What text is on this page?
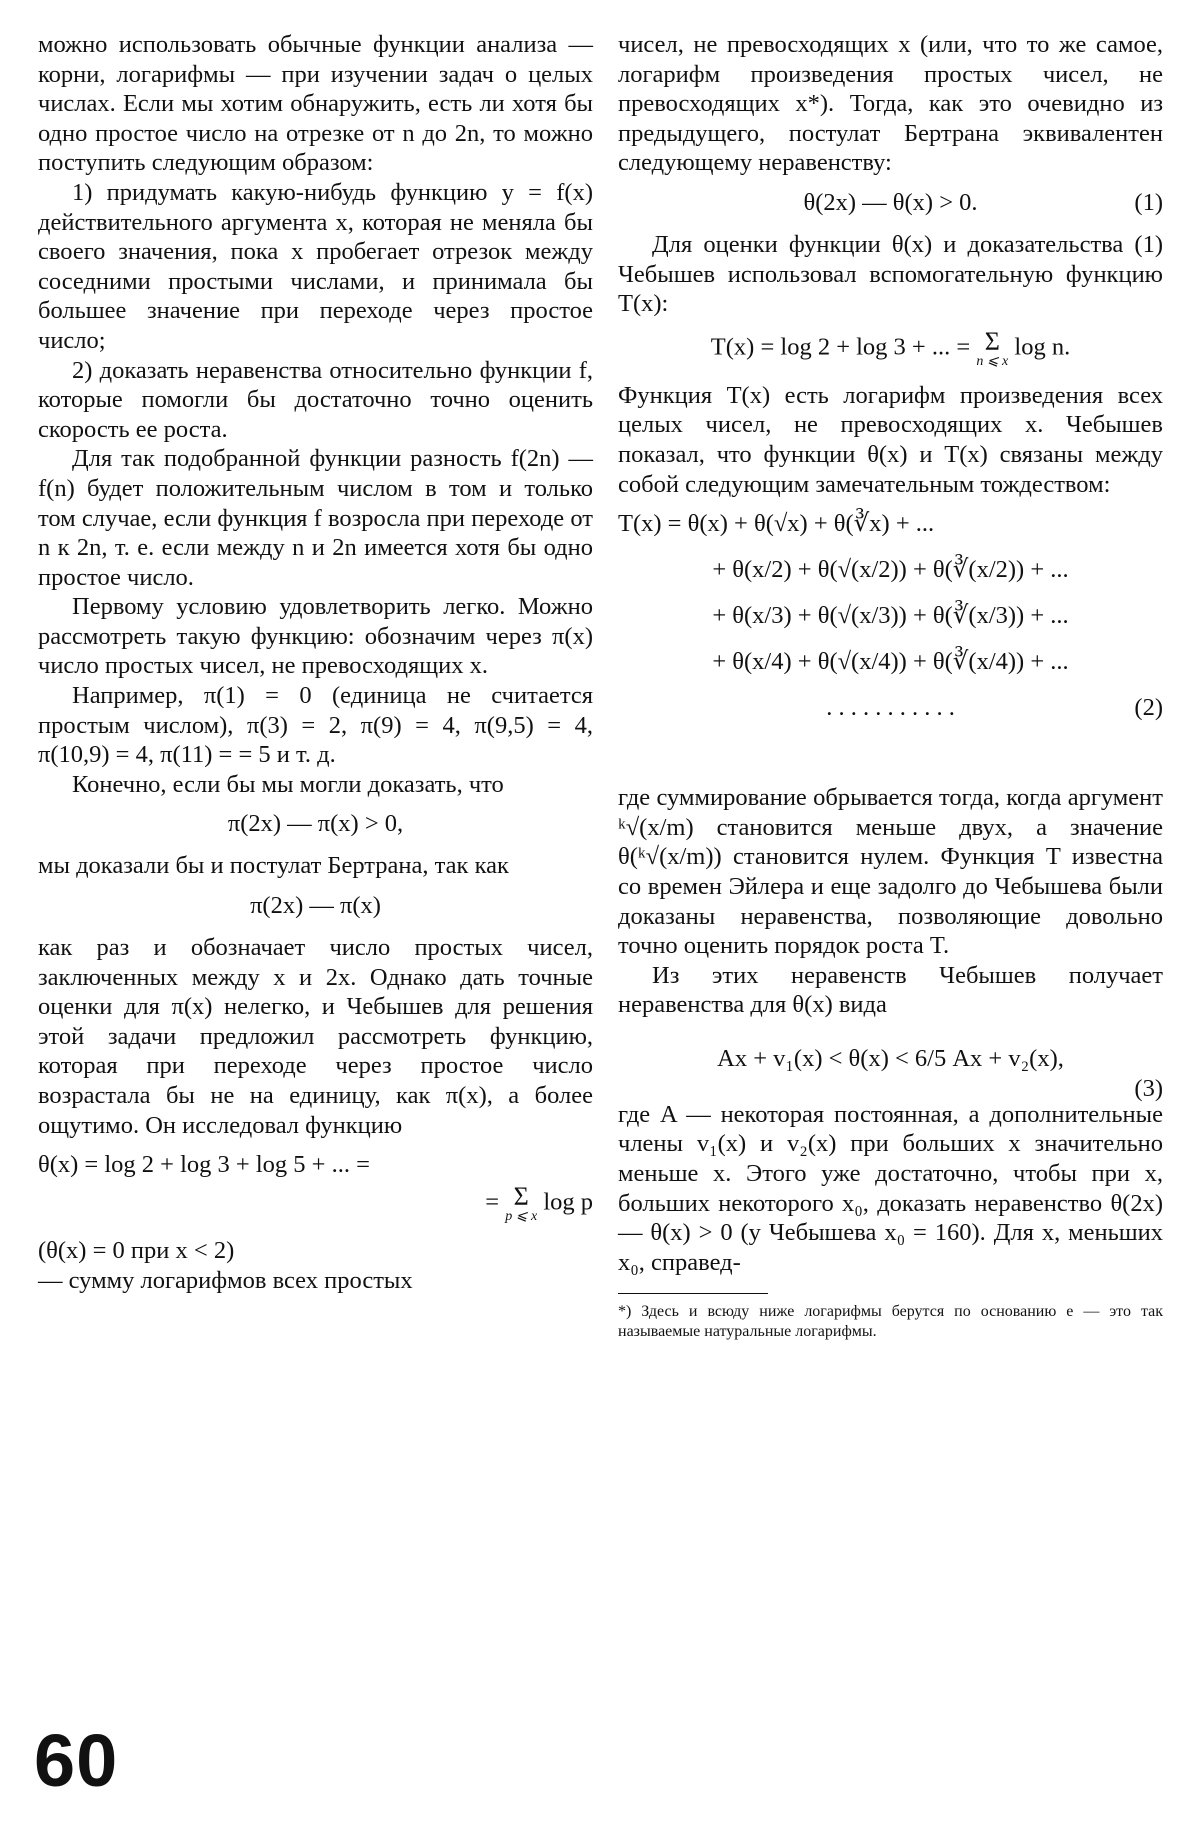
можно использовать обычные функции анализа — корни, логарифмы — при изучении задач о целых числах. Если мы хотим обнаружить, есть ли хотя бы одно простое число на отрезке от n до 2n, то можно поступить следующим образом:

1) придумать какую-нибудь функцию y = f(x) действительного аргумента x, которая не меняла бы своего значения, пока x пробегает отрезок между соседними простыми числами, и принимала бы большее значение при переходе через простое число;

2) доказать неравенства относительно функции f, которые помогли бы достаточно точно оценить скорость ее роста.

Для так подобранной функции разность f(2n) — f(n) будет положительным числом в том и только том случае, если функция f возросла при переходе от n к 2n, т. е. если между n и 2n имеется хотя бы одно простое число.

Первому условию удовлетворить легко. Можно рассмотреть такую функцию: обозначим через π(x) число простых чисел, не превосходящих x.

Например, π(1) = 0 (единица не считается простым числом), π(3) = 2, π(9) = 4, π(9,5) = 4, π(10,9) = 4, π(11) = = 5 и т. д.

Конечно, если бы мы могли доказать, что

π(2x) — π(x) > 0,

мы доказали бы и постулат Бертрана, так как

π(2x) — π(x)

как раз и обозначает число простых чисел, заключенных между x и 2x. Однако дать точные оценки для π(x) нелегко, и Чебышев для решения этой задачи предложил рассмотреть функцию, которая при переходе через простое число возрастала бы не на единицу, как π(x), а более ощутимо. Он исследовал функцию

θ(x) = log 2 + log 3 + log 5 + ... =
= Σ
p ⩽ x
log p

(θ(x) = 0 при x < 2)

— сумму логарифмов всех простых

чисел, не превосходящих x (или, что то же самое, логарифм произведения простых чисел, не превосходящих x*). Тогда, как это очевидно из предыдущего, постулат Бертрана эквивалентен следующему неравенству:

θ(2x) — θ(x) > 0.	(1)

Для оценки функции θ(x) и доказательства (1) Чебышев использовал вспомогательную функцию T(x):

T(x) = log 2 + log 3 + ... = Σ
n ⩽ x
log n.

Функция T(x) есть логарифм произведения всех целых чисел, не превосходящих x. Чебышев показал, что функции θ(x) и T(x) связаны между собой следующим замечательным тождеством:

T(x) = θ(x) + θ(√x) + θ(∛x) + ...
+ θ(x/2) + θ(√(x/2)) + θ(∛(x/2)) + ...
+ θ(x/3) + θ(√(x/3)) + θ(∛(x/3)) + ...
+ θ(x/4) + θ(√(x/4)) + θ(∛(x/4)) + ...
. . . . . . . . . . .	(2)

где суммирование обрывается тогда, когда аргумент ᵏ√(x/m) становится меньше двух, а значение θ(ᵏ√(x/m)) становится нулем. Функция T известна со времен Эйлера и еще задолго до Чебышева были доказаны неравенства, позволяющие довольно точно оценить порядок роста T.

Из этих неравенств Чебышев получает неравенства для θ(x) вида

Ax + v₁(x) < θ(x) < 6/5 Ax + v₂(x),
(3)

где A — некоторая постоянная, а дополнительные члены v₁(x) и v₂(x) при больших x значительно меньше x. Этого уже достаточно, чтобы при x, больших некоторого x₀, доказать неравенство θ(2x) — θ(x) > 0 (у Чебышева x₀ = 160). Для x, меньших x₀, справед-

*) Здесь и всюду ниже логарифмы берутся по основанию e — это так называемые натуральные логарифмы.

60
